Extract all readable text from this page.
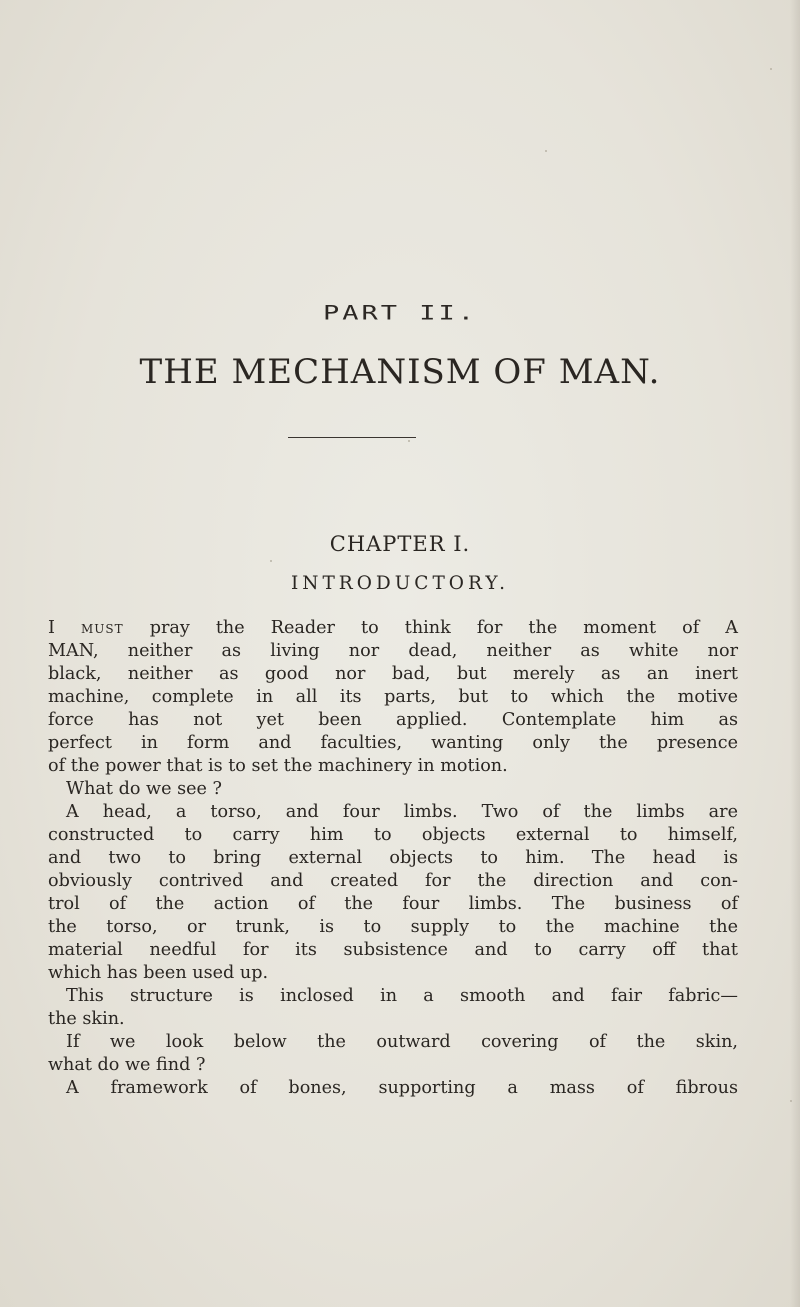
PART II.
THE MECHANISM OF MAN.
CHAPTER I.
INTRODUCTORY.
I must pray the Reader to think for the moment of A
MAN, neither as living nor dead, neither as white nor
black, neither as good nor bad, but merely as an inert
machine, complete in all its parts, but to which the motive
force has not yet been applied. Contemplate him as
perfect in form and faculties, wanting only the presence
of the power that is to set the machinery in motion.
What do we see ?
A head, a torso, and four limbs. Two of the limbs are
constructed to carry him to objects external to himself,
and two to bring external objects to him. The head is
obviously contrived and created for the direction and con-
trol of the action of the four limbs. The business of
the torso, or trunk, is to supply to the machine the
material needful for its subsistence and to carry off that
which has been used up.
This structure is inclosed in a smooth and fair fabric—
the skin.
If we look below the outward covering of the skin,
what do we find ?
A framework of bones, supporting a mass of fibrous
